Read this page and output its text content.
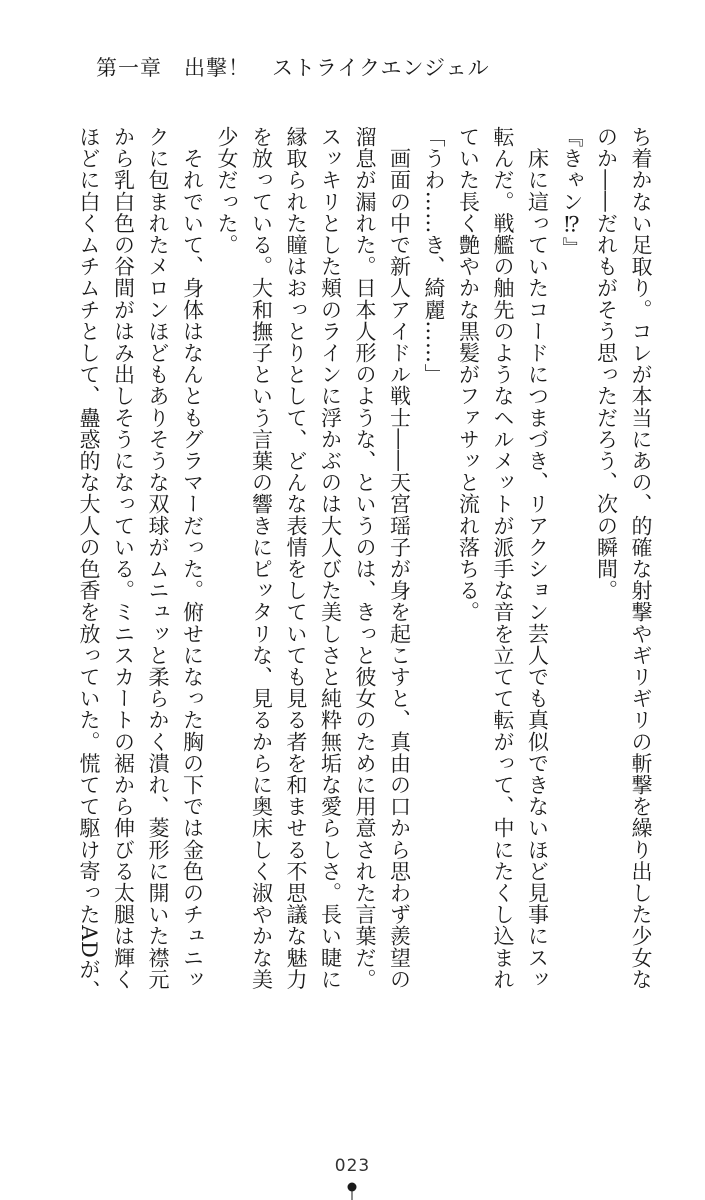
第一章　出撃！　ストライクエンジェル
ち着かない足取り。コレが本当にあの、的確な射撃やギリギリの斬撃を繰り出した少女な
のか――だれもがそう思っただろう、次の瞬間。
『きゃン⁉』
　床に這っていたコードにつまづき、リアクション芸人でも真似できないほど見事にスッ
転んだ。戦艦の舳先のようなヘルメットが派手な音を立てて転がって、中にたくし込まれ
ていた長く艶やかな黒髪がファサッと流れ落ちる。
「うわ……き、綺麗……」
　画面の中で新人アイドル戦士――天宮瑶子が身を起こすと、真由の口から思わず羨望の
溜息が漏れた。日本人形のような、というのは、きっと彼女のために用意された言葉だ。
スッキリとした頬のラインに浮かぶのは大人びた美しさと純粋無垢な愛らしさ。長い睫に
縁取られた瞳はおっとりとして、どんな表情をしていても見る者を和ませる不思議な魅力
を放っている。大和撫子という言葉の響きにピッタリな、見るからに奥床しく淑やかな美
少女だった。
　それでいて、身体はなんともグラマーだった。俯せになった胸の下では金色のチュニッ
クに包まれたメロンほどもありそうな双球がムニュッと柔らかく潰れ、菱形に開いた襟元
から乳白色の谷間がはみ出しそうになっている。ミニスカートの裾から伸びる太腿は輝く
ほどに白くムチムチとして、蠱惑的な大人の色香を放っていた。慌てて駆け寄ったADが、
023
